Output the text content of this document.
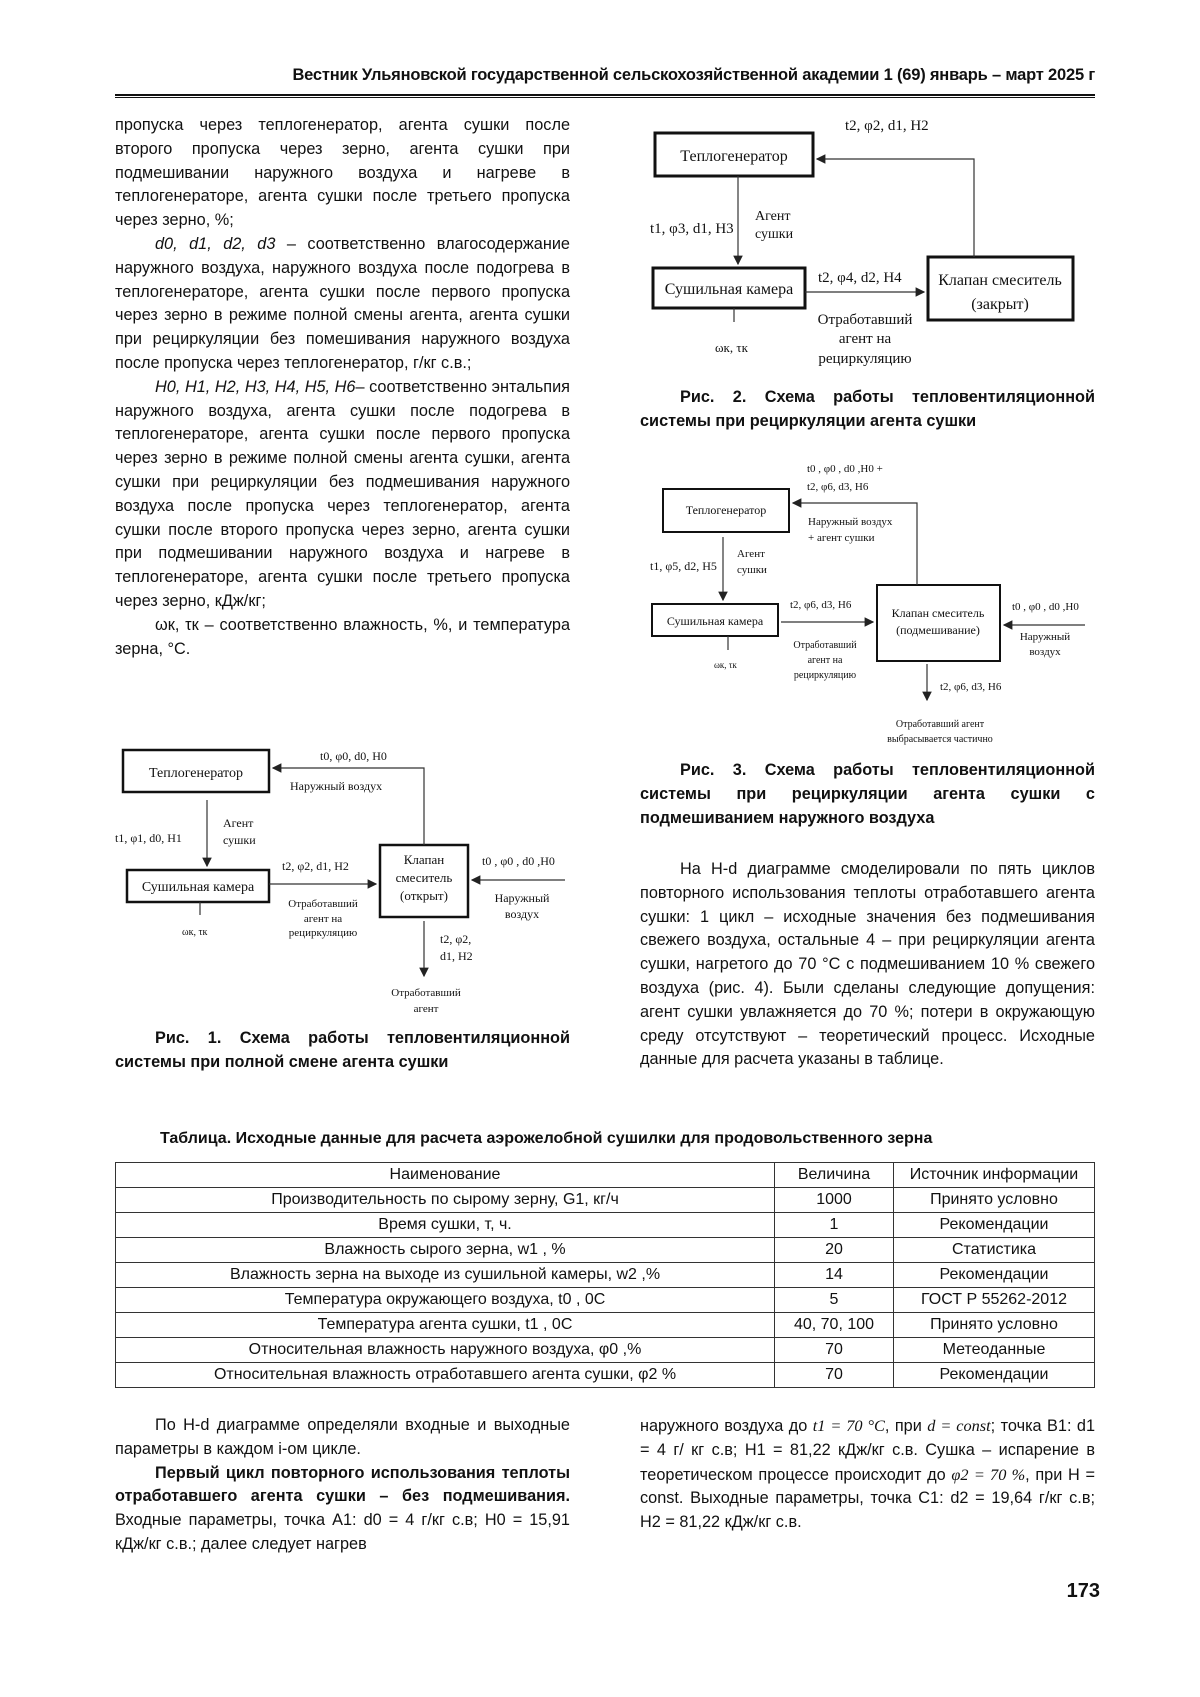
Вестник Ульяновской государственной сельскохозяйственной академии 1 (69) январь – март 2025 г

пропуска через теплогенератор, агента сушки после второго пропуска через зерно, агента сушки при подмешивании наружного воздуха и нагреве в теплогенераторе, агента сушки после третьего пропуска через зерно, %;

d0, d1, d2, d3 – соответственно влагосодержание наружного воздуха, наружного воздуха после подогрева в теплогенераторе, агента сушки после первого пропуска через зерно в режиме полной смены агента, агента сушки при рециркуляции без помешивания наружного воздуха после пропуска через теплогенератор, г/кг с.в.;

H0, H1, H2, H3, H4, H5, H6– соответственно энтальпия наружного воздуха, агента сушки после подогрева в теплогенераторе, агента сушки после первого пропуска через зерно в режиме полной смены агента сушки, агента сушки при рециркуляции без подмешивания наружного воздуха после пропуска через теплогенератор, агента сушки после второго пропуска через зерно, агента сушки при подмешивании наружного воздуха и нагреве в теплогенераторе, агента сушки после третьего пропуска через зерно, кДж/кг;

ωк, τк – соответственно влажность, %, и температура зерна, °С.

Теплогенератор
Сушильная камера
Клапан
смеситель
(открыт)
t0, φ0, d0, H0
Наружный воздух
t1, φ1, d0, H1
Агент
сушки
t2, φ2, d1, H2
Отработавший
агент на
рециркуляцию
ωк, τк
t0 , φ0 , d0 ,H0
Наружный
воздух
t2, φ2,
d1, H2
Отработавший
агент
Рис. 1. Схема работы тепловентиляционной системы при полной смене агента сушки
Теплогенератор
Сушильная камера
Клапан смеситель
(закрыт)
t2, φ2, d1, H2
t1, φ3, d1, H3
Агент
сушки
t2, φ4, d2, H4
Отработавший
агент на
рециркуляцию
ωк, τк
Рис. 2. Схема работы тепловентиляционной системы при рециркуляции агента сушки
Теплогенератор
Сушильная камера
Клапан смеситель
(подмешивание)
t0 , φ0 , d0 ,H0 +
t2, φ6, d3, H6
Наружный воздух
+ агент сушки
t1, φ5, d2, H5
Агент
сушки
t2, φ6, d3, H6
Отработавший
агент на
рециркуляцию
ωк, τк
t0 , φ0 , d0 ,H0
Наружный
воздух
t2, φ6, d3, H6
Отработавший агент
выбрасывается частично
Рис. 3. Схема работы тепловентиляционной системы при рециркуляции агента сушки с подмешиванием наружного воздуха

На H-d диаграмме смоделировали по пять циклов повторного использования теплоты отработавшего агента сушки: 1 цикл – исходные значения без подмешивания свежего воздуха, остальные 4 – при рециркуляции агента сушки, нагретого до 70 °С с подмешиванием 10 % свежего воздуха (рис. 4). Были сделаны следующие допущения: агент сушки увлажняется до 70 %; потери в окружающую среду отсутствуют – теоретический процесс. Исходные данные для расчета указаны в таблице.

Таблица. Исходные данные для расчета аэрожелобной сушилки для продовольственного зерна
Наименование	Величина	Источник информации
Производительность по сырому зерну, G1, кг/ч	1000	Принято условно
Время сушки, т, ч.	1	Рекомендации
Влажность сырого зерна, w1 , %	20	Статистика
Влажность зерна на выходе из сушильной камеры, w2 ,%	14	Рекомендации
Температура окружающего воздуха, t0 , 0С	5	ГОСТ Р 55262-2012
Температура агента сушки, t1 , 0С	40, 70, 100	Принято условно
Относительная влажность наружного воздуха, φ0 ,%	70	Метеоданные
Относительная влажность отработавшего агента сушки, φ2 %	70	Рекомендации

По H-d диаграмме определяли входные и выходные параметры в каждом i-ом цикле.

Первый цикл повторного использования теплоты отработавшего агента сушки – без подмешивания. Входные параметры, точка A1: d0 = 4 г/кг с.в; H0 = 15,91 кДж/кг с.в.; далее следует нагрев

наружного воздуха до t1 = 70 °C, при d = const; точка B1: d1 = 4 г/ кг с.в; H1 = 81,22 кДж/кг с.в. Сушка – испарение в теоретическом процессе происходит до φ2 = 70 %, при H = const. Выходные параметры, точка C1: d2 = 19,64 г/кг с.в; H2 = 81,22 кДж/кг с.в.

173
